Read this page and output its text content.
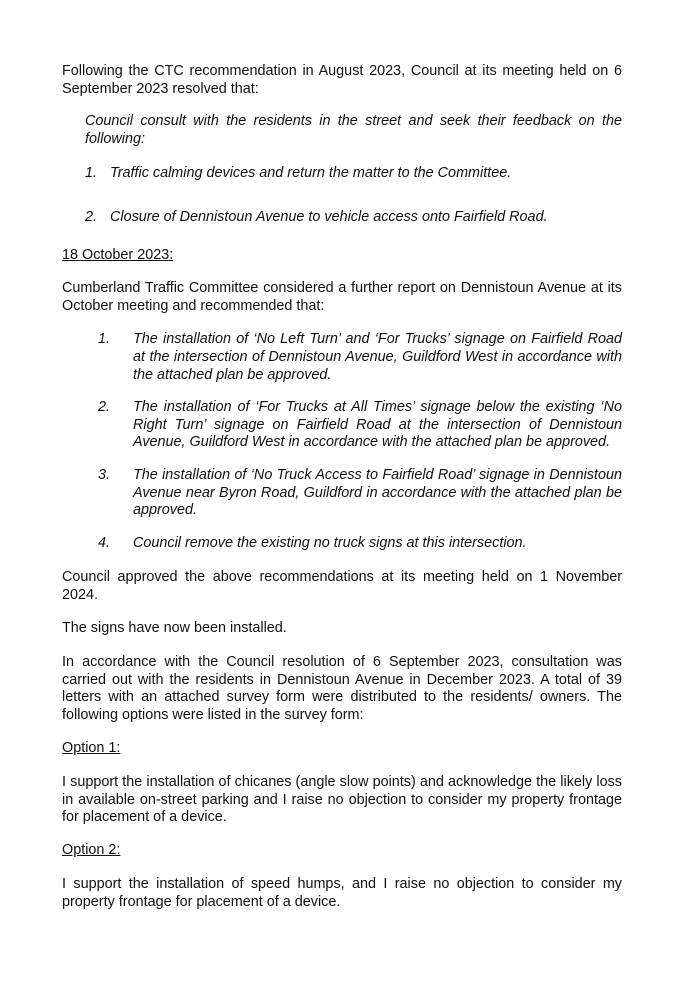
Following the CTC recommendation in August 2023, Council at its meeting held on 6 September 2023 resolved that:

Council consult with the residents in the street and seek their feedback on the following:

1. Traffic calming devices and return the matter to the Committee.
2. Closure of Dennistoun Avenue to vehicle access onto Fairfield Road.

18 October 2023:

Cumberland Traffic Committee considered a further report on Dennistoun Avenue at its October meeting and recommended that:

1. The installation of ‘No Left Turn’ and ‘For Trucks’ signage on Fairfield Road at the intersection of Dennistoun Avenue, Guildford West in accordance with the attached plan be approved.
2. The installation of ‘For Trucks at All Times’ signage below the existing ‘No Right Turn’ signage on Fairfield Road at the intersection of Dennistoun Avenue, Guildford West in accordance with the attached plan be approved.
3. The installation of ‘No Truck Access to Fairfield Road’ signage in Dennistoun Avenue near Byron Road, Guildford in accordance with the attached plan be approved.
4. Council remove the existing no truck signs at this intersection.

Council approved the above recommendations at its meeting held on 1 November 2024.

The signs have now been installed.

In accordance with the Council resolution of 6 September 2023, consultation was carried out with the residents in Dennistoun Avenue in December 2023. A total of 39 letters with an attached survey form were distributed to the residents/ owners. The following options were listed in the survey form:

Option 1:

I support the installation of chicanes (angle slow points) and acknowledge the likely loss in available on-street parking and I raise no objection to consider my property frontage for placement of a device.

Option 2:

I support the installation of speed humps, and I raise no objection to consider my property frontage for placement of a device.
